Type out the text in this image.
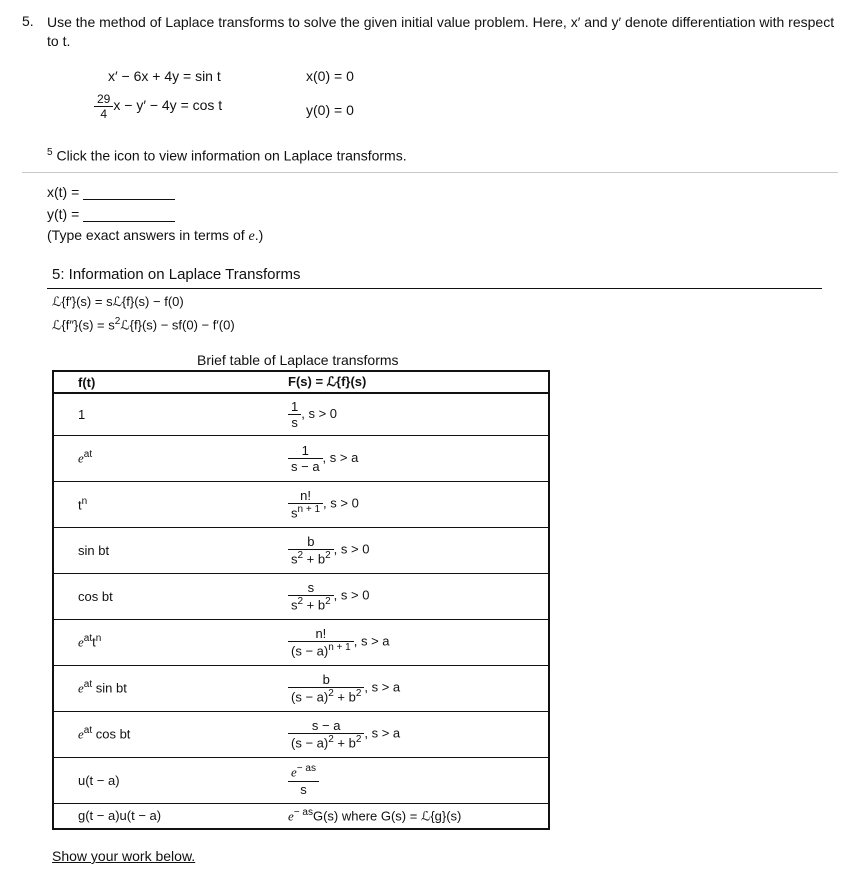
5. Use the method of Laplace transforms to solve the given initial value problem. Here, x′ and y′ denote differentiation with respect to t.
x′ − 6x + 4y = sin t
$\frac{29}{4}$ x − y′ − 4y = cos t
x(0) = 0
y(0) = 0
$^5$ Click the icon to view information on Laplace transforms.
x(t) =
y(t) =
(Type exact answers in terms of e.)
5: Information on Laplace Transforms
ℒ{f′}(s) = sℒ{f}(s) − f(0)
ℒ{f″}(s) = $s^2ℒ\{f\}(s) - sf(0) - f'(0)$
Brief table of Laplace transforms
f(t)	F(s) = ℒ{f}(s)
1	$\frac{1}{s}$ , s > 0
$e^{at}$	$\frac{1}{s - a}$ , s > a
$t^n$	$\frac{n!}{s^{n + 1}}$ , s > 0
sin bt	$\frac{b}{s^2 + b^2}$ , s > 0
cos bt	$\frac{s}{s^2 + b^2}$ , s > 0
$e^{at}t^n$	$\frac{n!}{(s - a)^{n + 1}}$ , s > a
$e^{at}$ sin bt	$\frac{b}{(s - a)^2 + b^2}$ , s > a
$e^{at}$ cos bt	$\frac{s - a}{(s - a)^2 + b^2}$ , s > a
u(t − a)	$\frac{e^{- as}}{s}$

g(t − a)u(t − a)	$e^{- as}G(s)$ where G(s) = ℒ{g}(s)
Show your work below.
